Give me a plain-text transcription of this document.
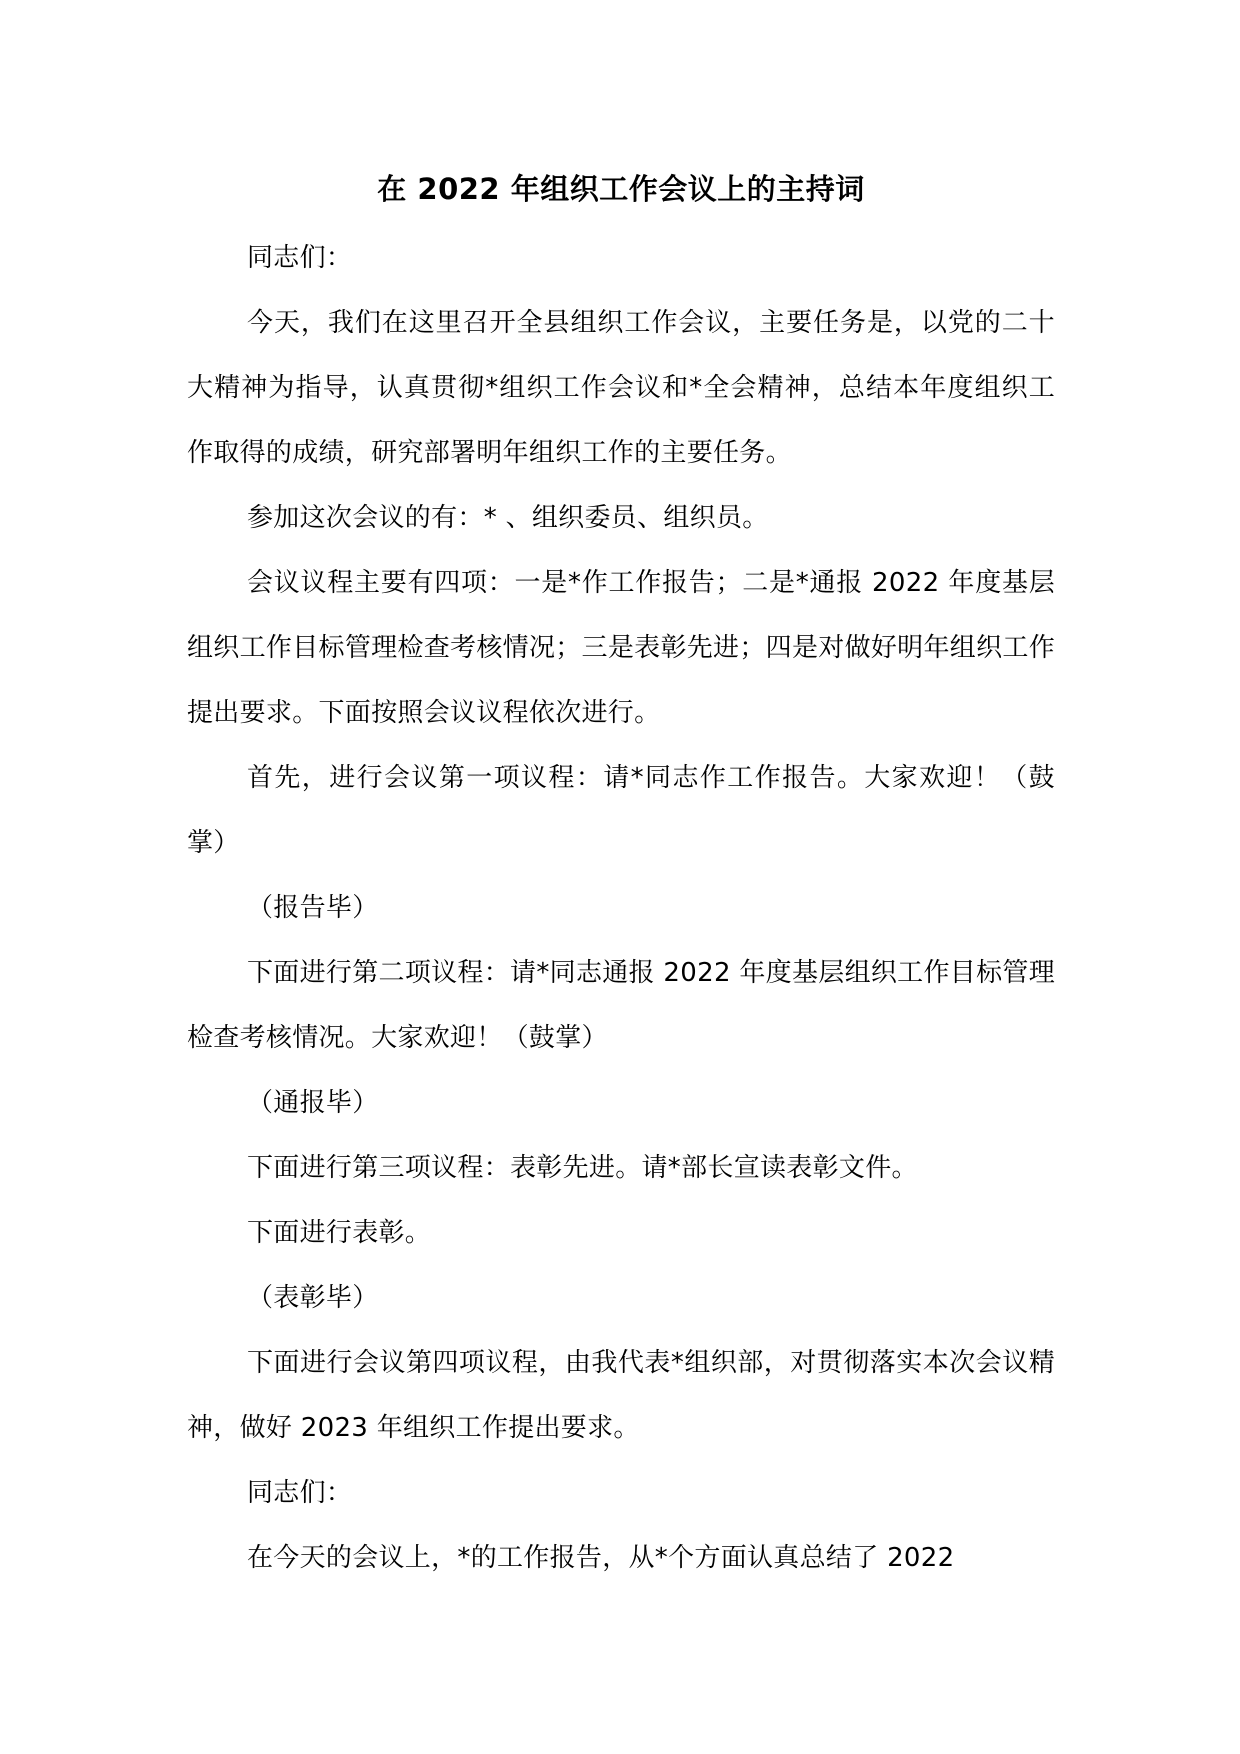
在 2022 年组织工作会议上的主持词

同志们：

今天，我们在这里召开全县组织工作会议，主要任务是，以党的二十大精神为指导，认真贯彻*组织工作会议和*全会精神，总结本年度组织工作取得的成绩，研究部署明年组织工作的主要任务。

参加这次会议的有：* 、组织委员、组织员。

会议议程主要有四项：一是*作工作报告；二是*通报 2022 年度基层组织工作目标管理检查考核情况；三是表彰先进；四是对做好明年组织工作提出要求。下面按照会议议程依次进行。

首先，进行会议第一项议程：请*同志作工作报告。大家欢迎！（鼓掌）

（报告毕）

下面进行第二项议程：请*同志通报 2022 年度基层组织工作目标管理检查考核情况。大家欢迎！（鼓掌）

（通报毕）

下面进行第三项议程：表彰先进。请*部长宣读表彰文件。

下面进行表彰。

（表彰毕）

下面进行会议第四项议程，由我代表*组织部，对贯彻落实本次会议精神，做好 2023 年组织工作提出要求。

同志们：

在今天的会议上，*的工作报告，从*个方面认真总结了 2022
